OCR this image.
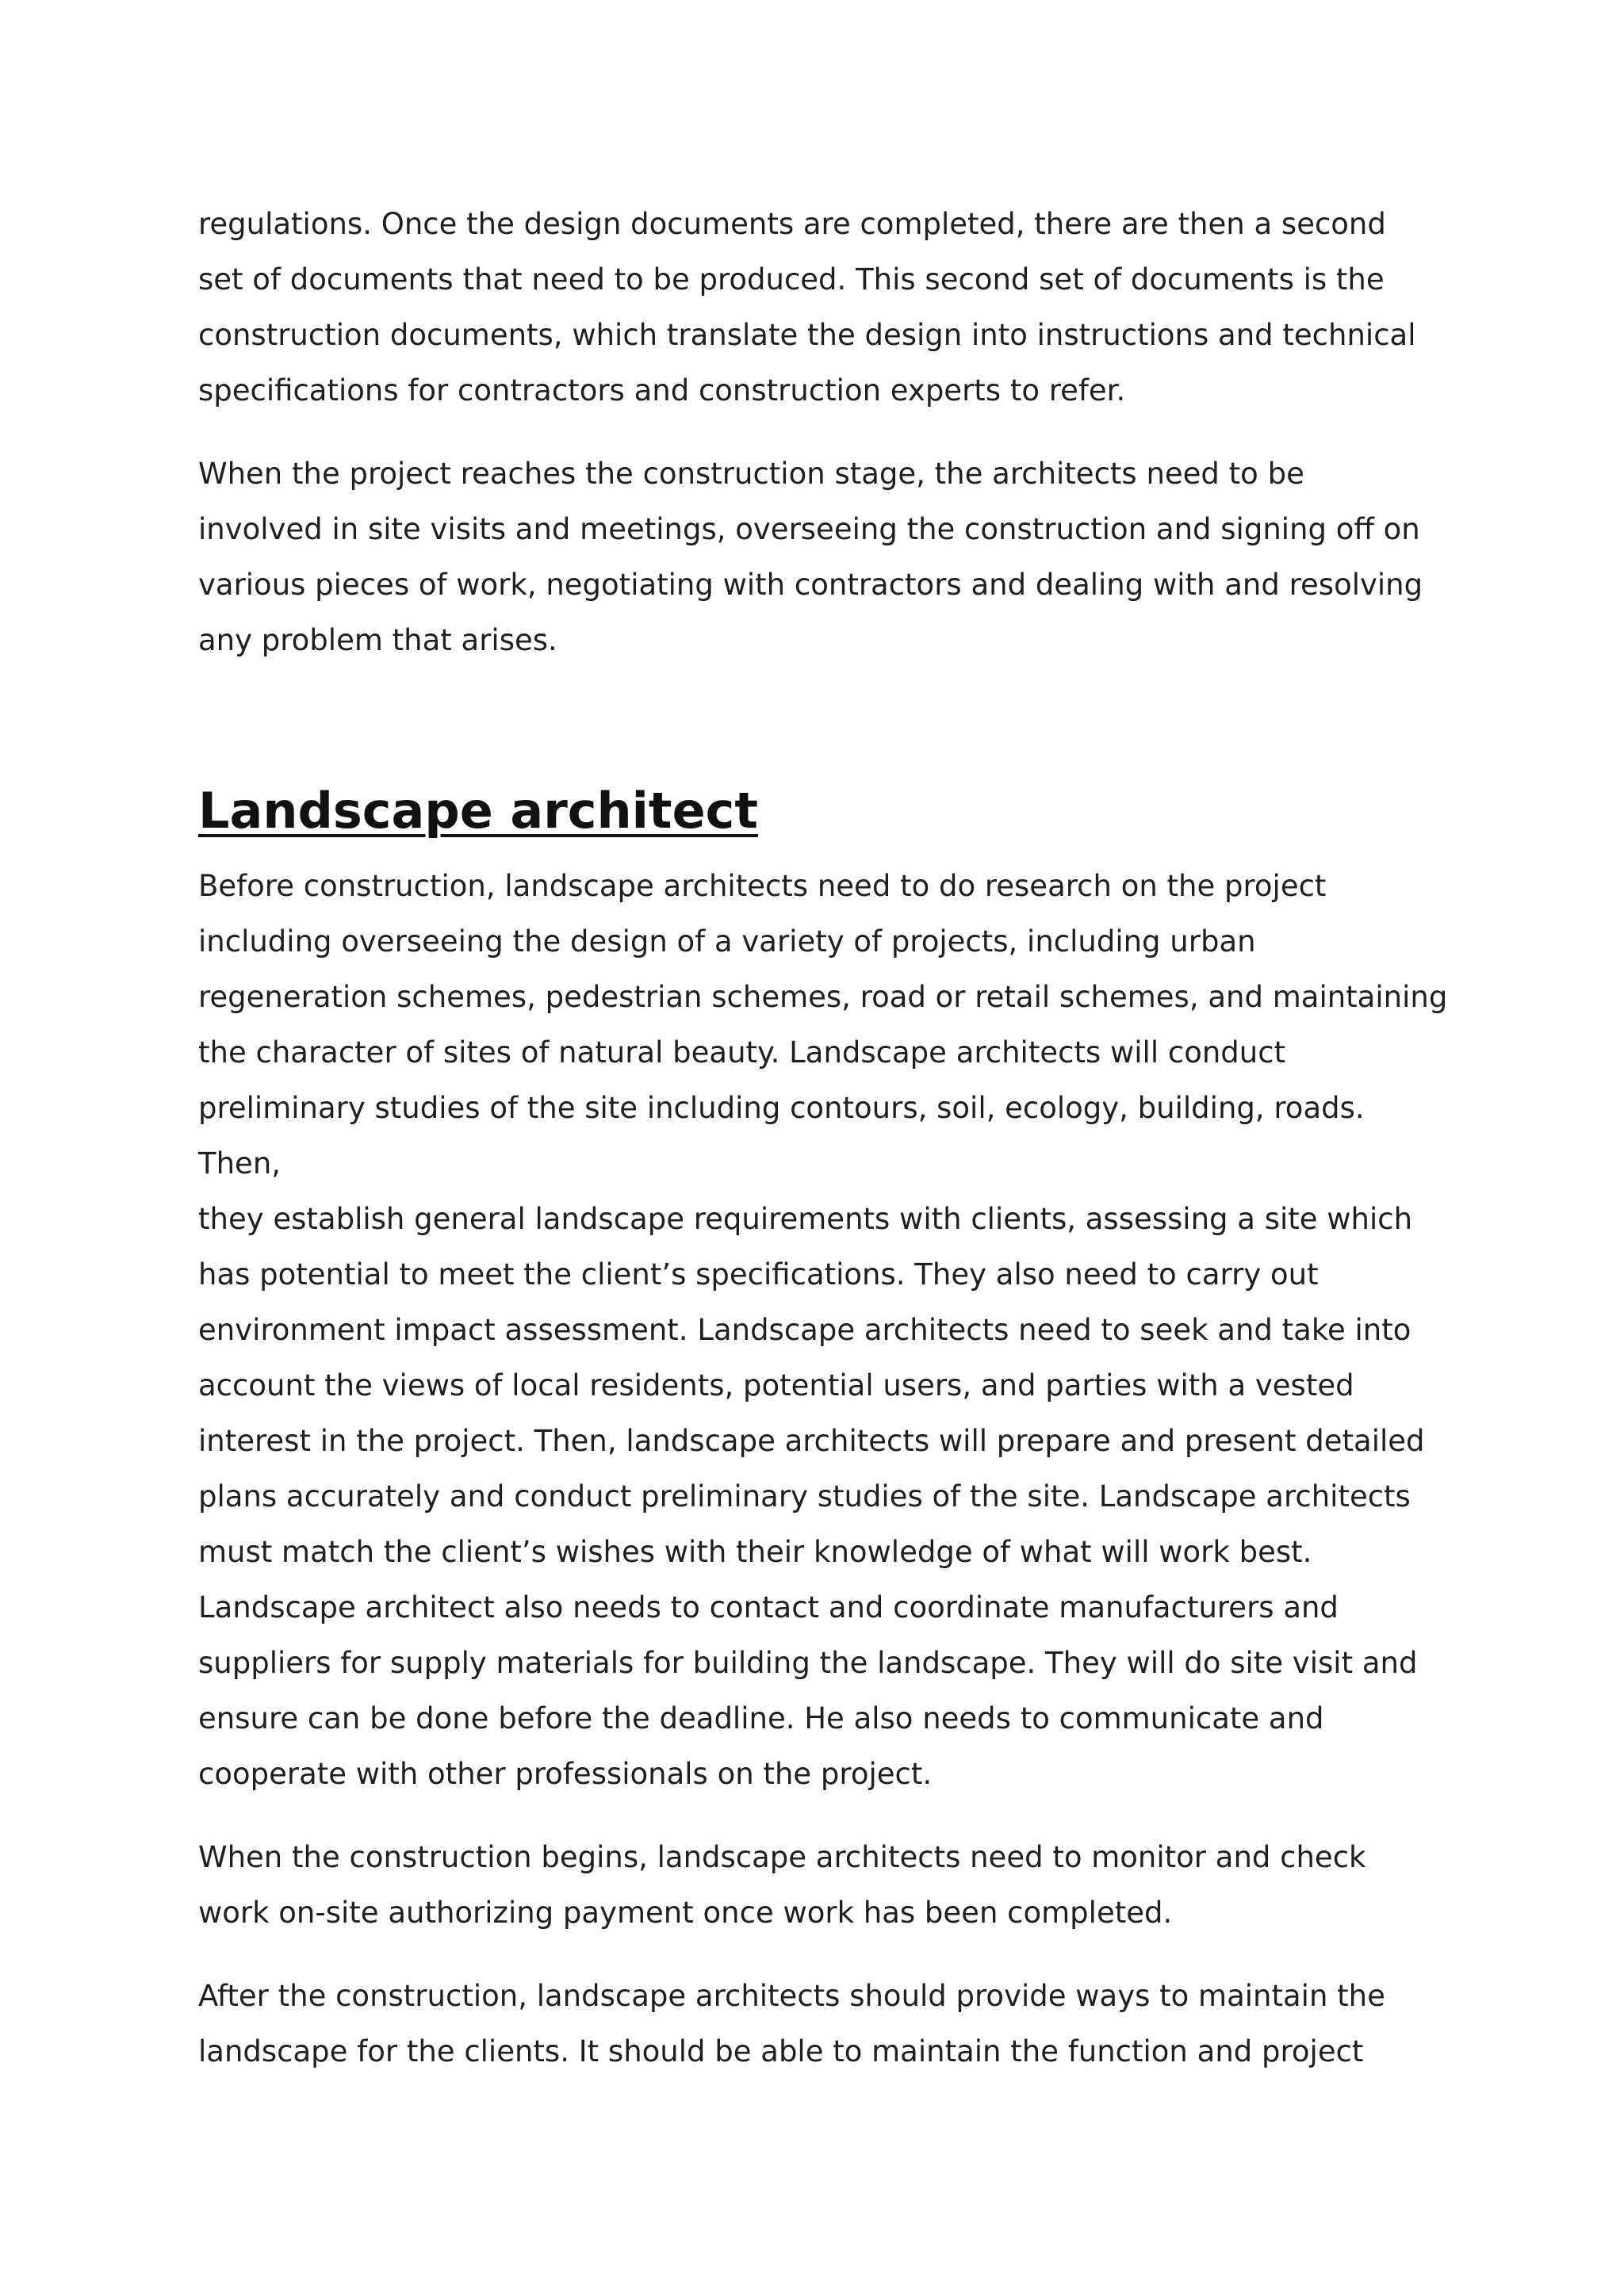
regulations. Once the design documents are completed, there are then a second
set of documents that need to be produced. This second set of documents is the
construction documents, which translate the design into instructions and technical
specifications for contractors and construction experts to refer.

When the project reaches the construction stage, the architects need to be
involved in site visits and meetings, overseeing the construction and signing off on
various pieces of work, negotiating with contractors and dealing with and resolving
any problem that arises.

Landscape architect

Before construction, landscape architects need to do research on the project
including overseeing the design of a variety of projects, including urban
regeneration schemes, pedestrian schemes, road or retail schemes, and maintaining
the character of sites of natural beauty. Landscape architects will conduct
preliminary studies of the site including contours, soil, ecology, building, roads. Then,
they establish general landscape requirements with clients, assessing a site which
has potential to meet the client’s specifications. They also need to carry out
environment impact assessment. Landscape architects need to seek and take into
account the views of local residents, potential users, and parties with a vested
interest in the project. Then, landscape architects will prepare and present detailed
plans accurately and conduct preliminary studies of the site. Landscape architects
must match the client’s wishes with their knowledge of what will work best.
Landscape architect also needs to contact and coordinate manufacturers and
suppliers for supply materials for building the landscape. They will do site visit and
ensure can be done before the deadline. He also needs to communicate and
cooperate with other professionals on the project.

When the construction begins, landscape architects need to monitor and check
work on-site authorizing payment once work has been completed.

After the construction, landscape architects should provide ways to maintain the
landscape for the clients. It should be able to maintain the function and project
